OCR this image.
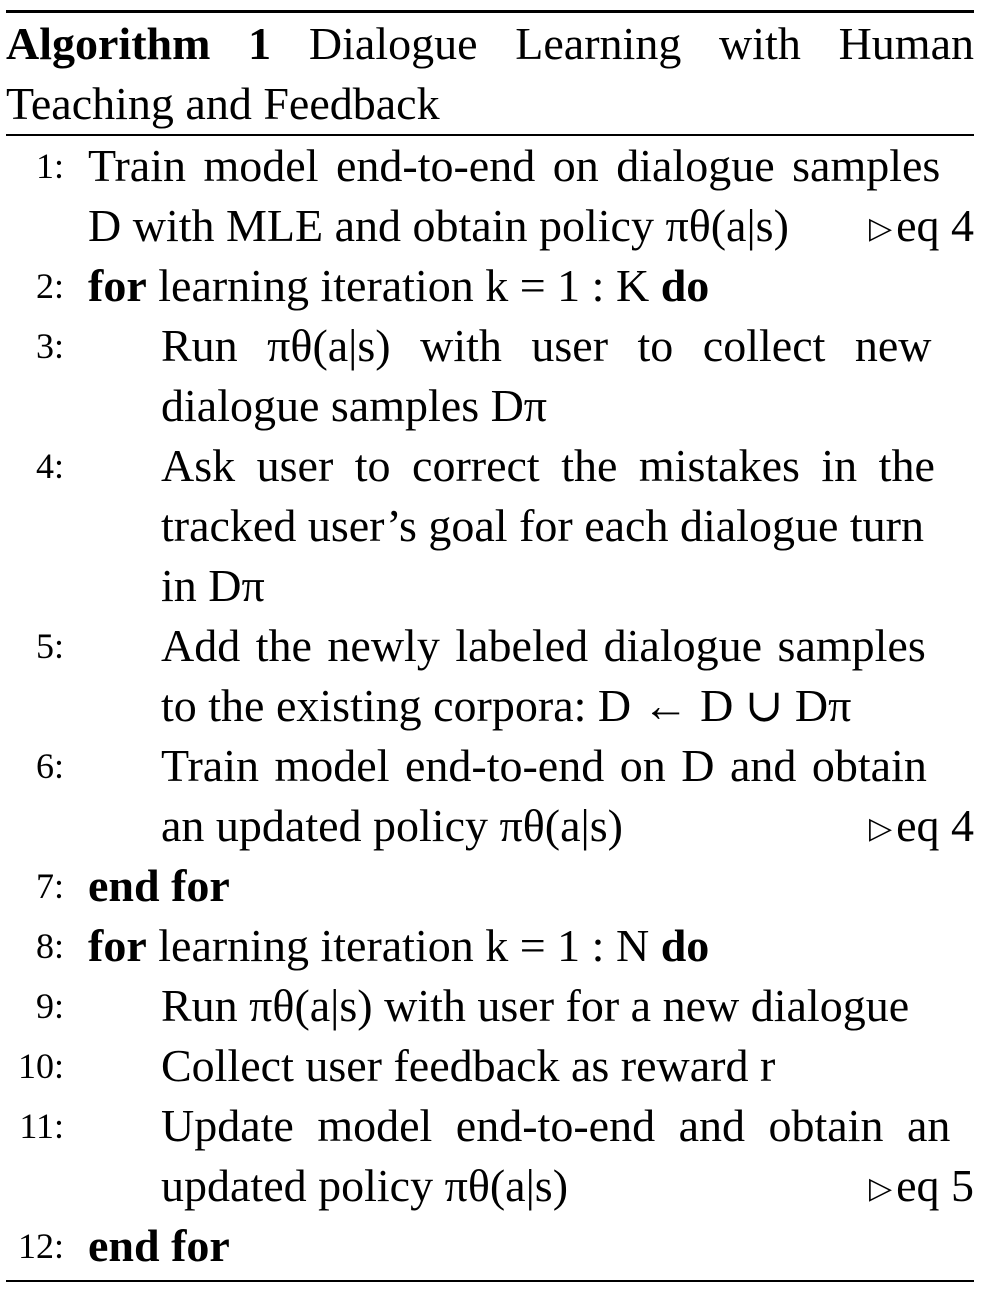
Algorithm 1 Dialogue Learning with Human Teaching and Feedback
1: Train model end-to-end on dialogue samples
D with MLE and obtain policy πθ(a|s)	▷eq 4
2: for learning iteration k = 1 : K do
3: Run πθ(a|s) with user to collect new
dialogue samples Dπ
4: Ask user to correct the mistakes in the
tracked user’s goal for each dialogue turn
in Dπ
5: Add the newly labeled dialogue samples
to the existing corpora: D ← D ∪ Dπ
6: Train model end-to-end on D and obtain
an updated policy πθ(a|s)	▷eq 4
7: end for
8: for learning iteration k = 1 : N do
9: Run πθ(a|s) with user for a new dialogue
10: Collect user feedback as reward r
11: Update model end-to-end and obtain an
updated policy πθ(a|s)	▷eq 5
12: end for
